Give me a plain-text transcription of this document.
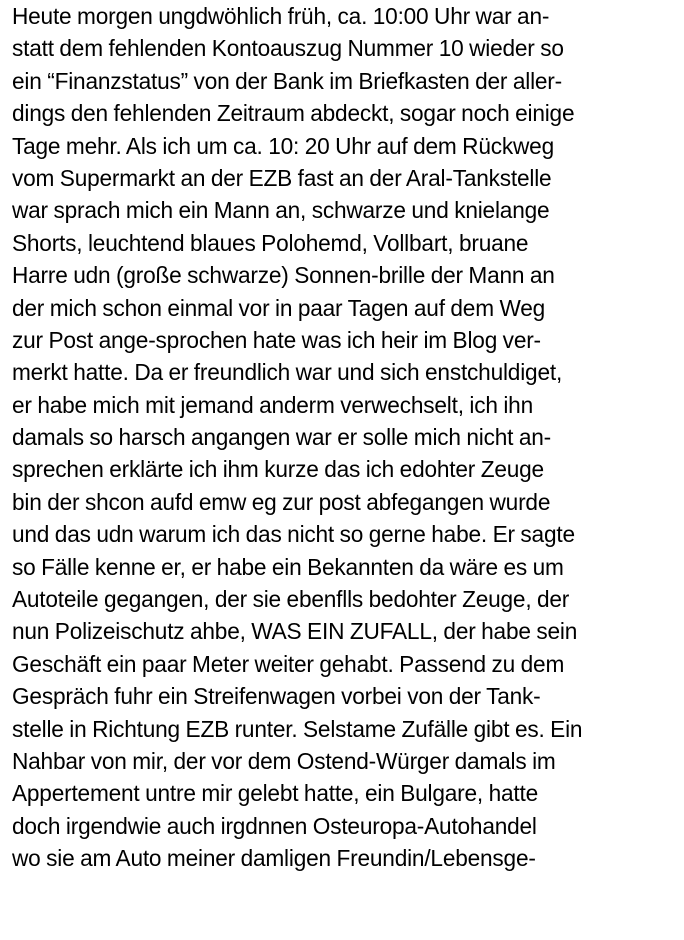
Heute morgen ungdwöhlich früh, ca. 10:00 Uhr war an-
statt dem fehlenden Kontoauszug Nummer 10 wieder so
ein “Finanzstatus” von der Bank im Briefkasten der aller-
dings den fehlenden Zeitraum abdeckt, sogar noch einige
Tage mehr. Als ich um ca. 10: 20 Uhr auf dem Rückweg
vom Supermarkt an der EZB fast an der Aral-Tankstelle
war sprach mich ein Mann an, schwarze und knielange
Shorts, leuchtend blaues Polohemd, Vollbart, bruane
Harre udn (große schwarze) Sonnen-brille der Mann an
der mich schon einmal vor in paar Tagen auf dem Weg
zur Post ange-sprochen hate was ich heir im Blog ver-
merkt hatte. Da er freundlich war und sich enstchuldiget,
er habe mich mit jemand anderm verwechselt, ich ihn
damals so harsch angangen war er solle mich nicht an-
sprechen erklärte ich ihm kurze das ich edohter Zeuge
bin der shcon aufd emw eg zur post abfegangen wurde
und das udn warum ich das nicht so gerne habe. Er sagte
so Fälle kenne er, er habe ein Bekannten da wäre es um
Autoteile gegangen, der sie ebenflls bedohter Zeuge, der
nun Polizeischutz ahbe, WAS EIN ZUFALL, der habe sein
Geschäft ein paar Meter weiter gehabt. Passend zu dem
Gespräch fuhr ein Streifenwagen vorbei von der Tank-
stelle in Richtung EZB runter. Selstame Zufälle gibt es. Ein
Nahbar von mir, der vor dem Ostend-Würger damals im
Appertement untre mir gelebt hatte, ein Bulgare, hatte
doch irgendwie auch irgdnnen Osteuropa-Autohandel
wo sie am Auto meiner damligen Freundin/Lebensge-
